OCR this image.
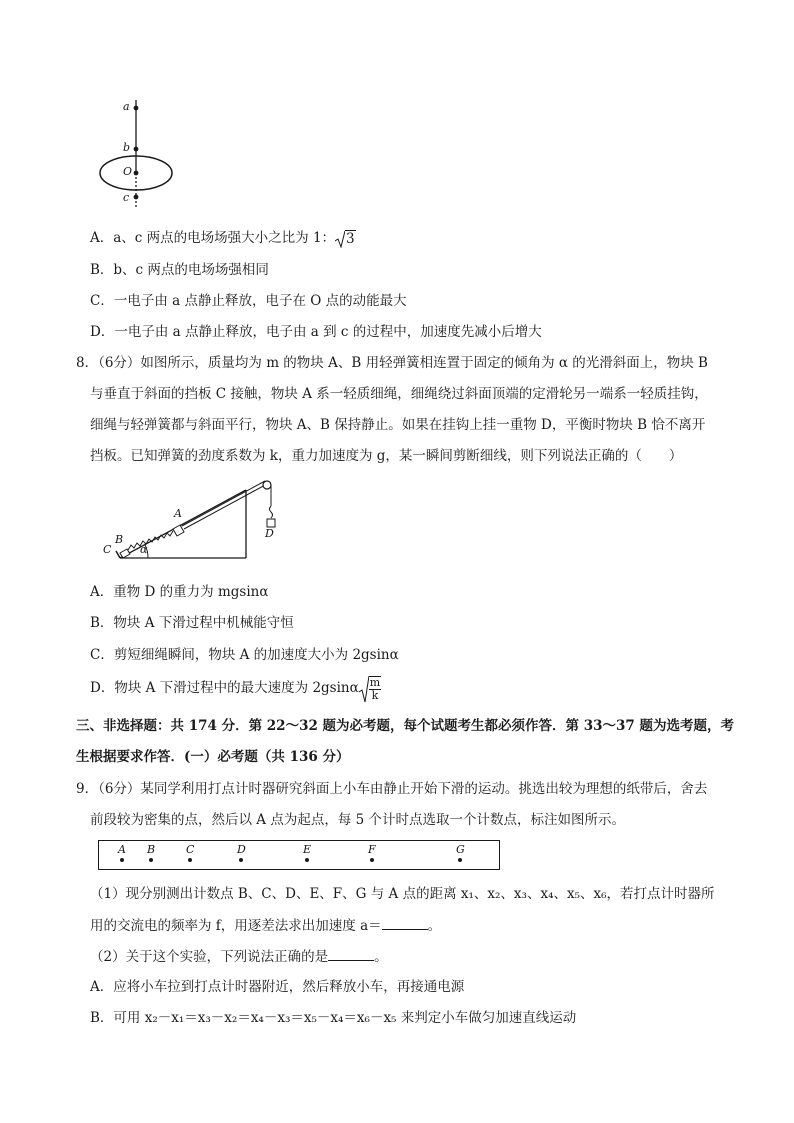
a
b
O
c
A．a、c 两点的电场场强大小之比为 1： 3
B．b、c 两点的电场场强相同
C．一电子由 a 点静止释放，电子在 O 点的动能最大
D．一电子由 a 点静止释放，电子由 a 到 c 的过程中，加速度先减小后增大
8．（6分）如图所示，质量均为 m 的物块 A、B 用轻弹簧相连置于固定的倾角为 α 的光滑斜面上，物块 B
与垂直于斜面的挡板 C 接触，物块 A 系一轻质细绳，细绳绕过斜面顶端的定滑轮另一端系一轻质挂钩，
细绳与轻弹簧都与斜面平行，物块 A、B 保持静止。如果在挂钩上挂一重物 D，平衡时物块 B 恰不离开
挡板。已知弹簧的劲度系数为 k，重力加速度为 g，某一瞬间剪断细线，则下列说法正确的（　　）
C
B
A
α
D
A．重物 D 的重力为 mgsinα
B．物块 A 下滑过程中机械能守恒
C．剪短细绳瞬间，物块 A 的加速度大小为 2gsinα
D．物块 A 下滑过程中的最大速度为 $2gsin\alpha \frac{m}{k}$
三、非选择题：共 174 分．第 22～32 题为必考题，每个试题考生都必须作答．第 33～37 题为选考题，考
生根据要求作答．(一）必考题（共 136 分）
9．（6分）某同学利用打点计时器研究斜面上小车由静止开始下滑的运动。挑选出较为理想的纸带后，舍去
前段较为密集的点，然后以 A 点为起点，每 5 个计时点选取一个计数点，标注如图所示。
A B	C	D	E	F	G
（1）现分别测出计数点 B、C、D、E、F、G 与 A 点的距离 x₁、x₂、x₃、x₄、x₅、x₆，若打点计时器所
用的交流电的频率为 f，用逐差法求出加速度 a＝	。
（2）关于这个实验，下列说法正确的是	。
A．应将小车拉到打点计时器附近，然后释放小车，再接通电源
B．可用 x₂－x₁＝x₃－x₂＝x₄－x₃＝x₅－x₄＝x₆－x₅ 来判定小车做匀加速直线运动
